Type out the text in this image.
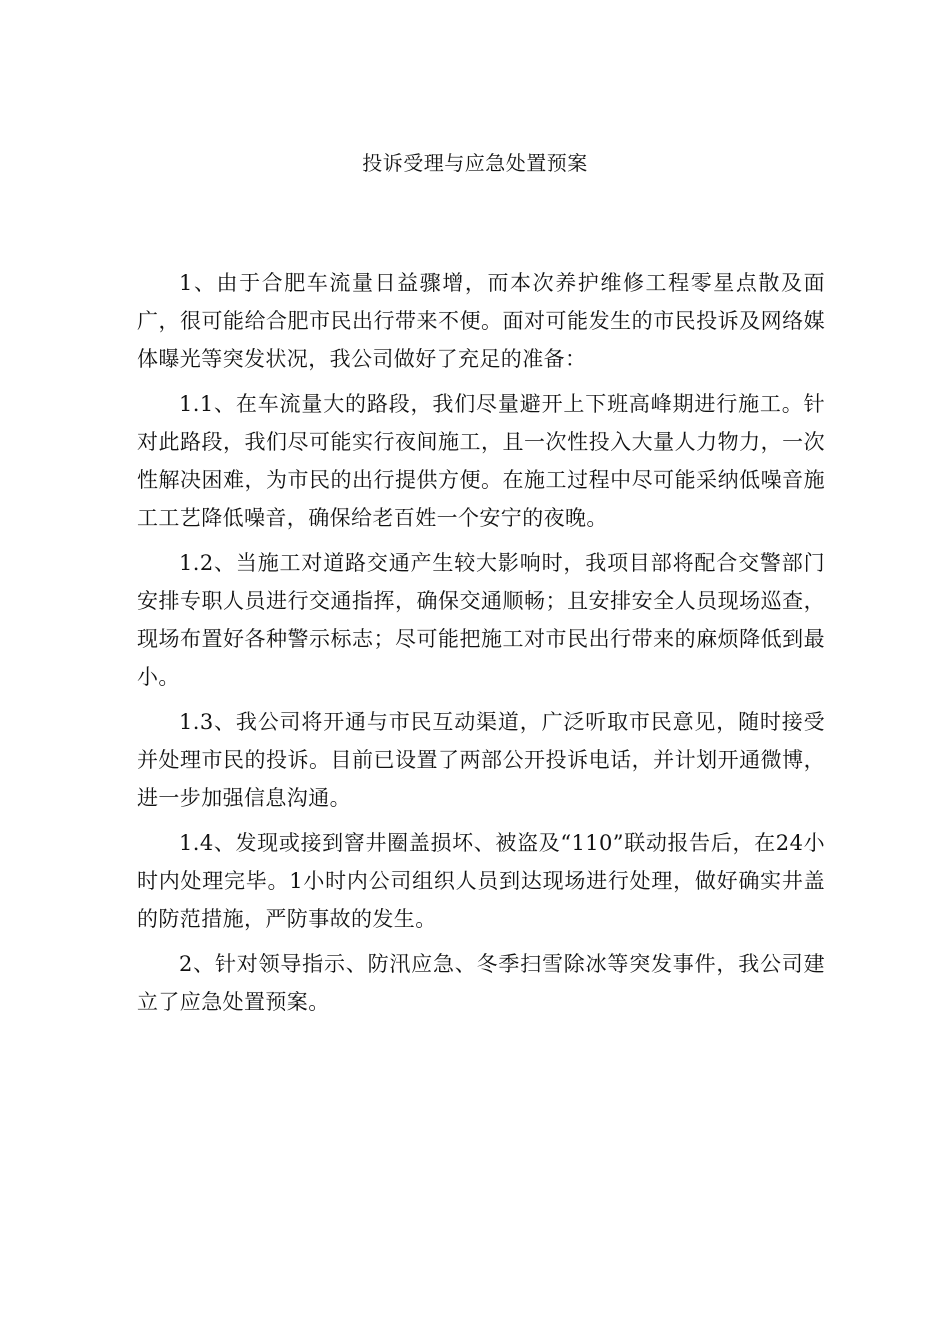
投诉受理与应急处置预案

1、由于合肥车流量日益骤增，而本次养护维修工程零星点散及面广，很可能给合肥市民出行带来不便。面对可能发生的市民投诉及网络媒体曝光等突发状况，我公司做好了充足的准备：

1.1、在车流量大的路段，我们尽量避开上下班高峰期进行施工。针对此路段，我们尽可能实行夜间施工，且一次性投入大量人力物力，一次性解决困难，为市民的出行提供方便。在施工过程中尽可能采纳低噪音施工工艺降低噪音，确保给老百姓一个安宁的夜晚。

1.2、当施工对道路交通产生较大影响时，我项目部将配合交警部门安排专职人员进行交通指挥，确保交通顺畅；且安排安全人员现场巡查，现场布置好各种警示标志；尽可能把施工对市民出行带来的麻烦降低到最小。

1.3、我公司将开通与市民互动渠道，广泛听取市民意见，随时接受并处理市民的投诉。目前已设置了两部公开投诉电话，并计划开通微博，进一步加强信息沟通。

1.4、发现或接到窨井圈盖损坏、被盗及“110”联动报告后，在24小时内处理完毕。1小时内公司组织人员到达现场进行处理，做好确实井盖的防范措施，严防事故的发生。

2、针对领导指示、防汛应急、冬季扫雪除冰等突发事件，我公司建立了应急处置预案。
